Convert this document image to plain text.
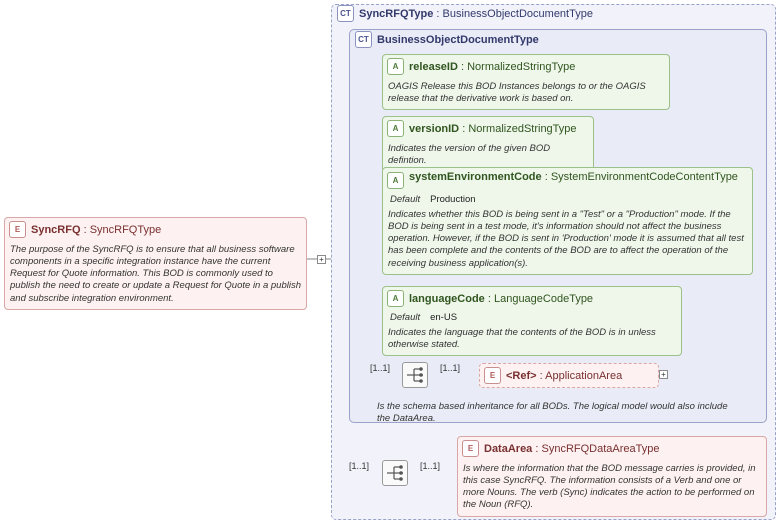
CT SyncRFQType : BusinessObjectDocumentType
CT BusinessObjectDocumentType
Is the schema based inheritance for all BODs. The logical model would also include the DataArea.
E SyncRFQ : SyncRFQType
The purpose of the SyncRFQ is to ensure that all business software components in a specific integration instance have the current Request for Quote information. This BOD is commonly used to publish the need to create or update a Request for Quote in a publish and subscribe integration environment.
+
A releaseID : NormalizedStringType
OAGIS Release this BOD Instances belongs to or the OAGIS release that the derivative work is based on.
A versionID : NormalizedStringType
Indicates the version of the given BOD defintion.
A systemEnvironmentCode : SystemEnvironmentCodeContentType
Default Production
Indicates whether this BOD is being sent in a "Test" or a "Production" mode. If the BOD is being sent in a test mode, it's information should not affect the business operation. However, if the BOD is sent in 'Production' mode it is assumed that all test has been complete and the contents of the BOD are to affect the operation of the receiving business application(s).
A languageCode : LanguageCodeType
Default en-US
Indicates the language that the contents of the BOD is in unless otherwise stated.
[1..1]	[1..1]
E <Ref> : ApplicationArea	+
[1..1]	[1..1]
E DataArea : SyncRFQDataAreaType
Is where the information that the BOD message carries is provided, in this case SyncRFQ. The information consists of a Verb and one or more Nouns. The verb (Sync) indicates the action to be performed on the Noun (RFQ).
